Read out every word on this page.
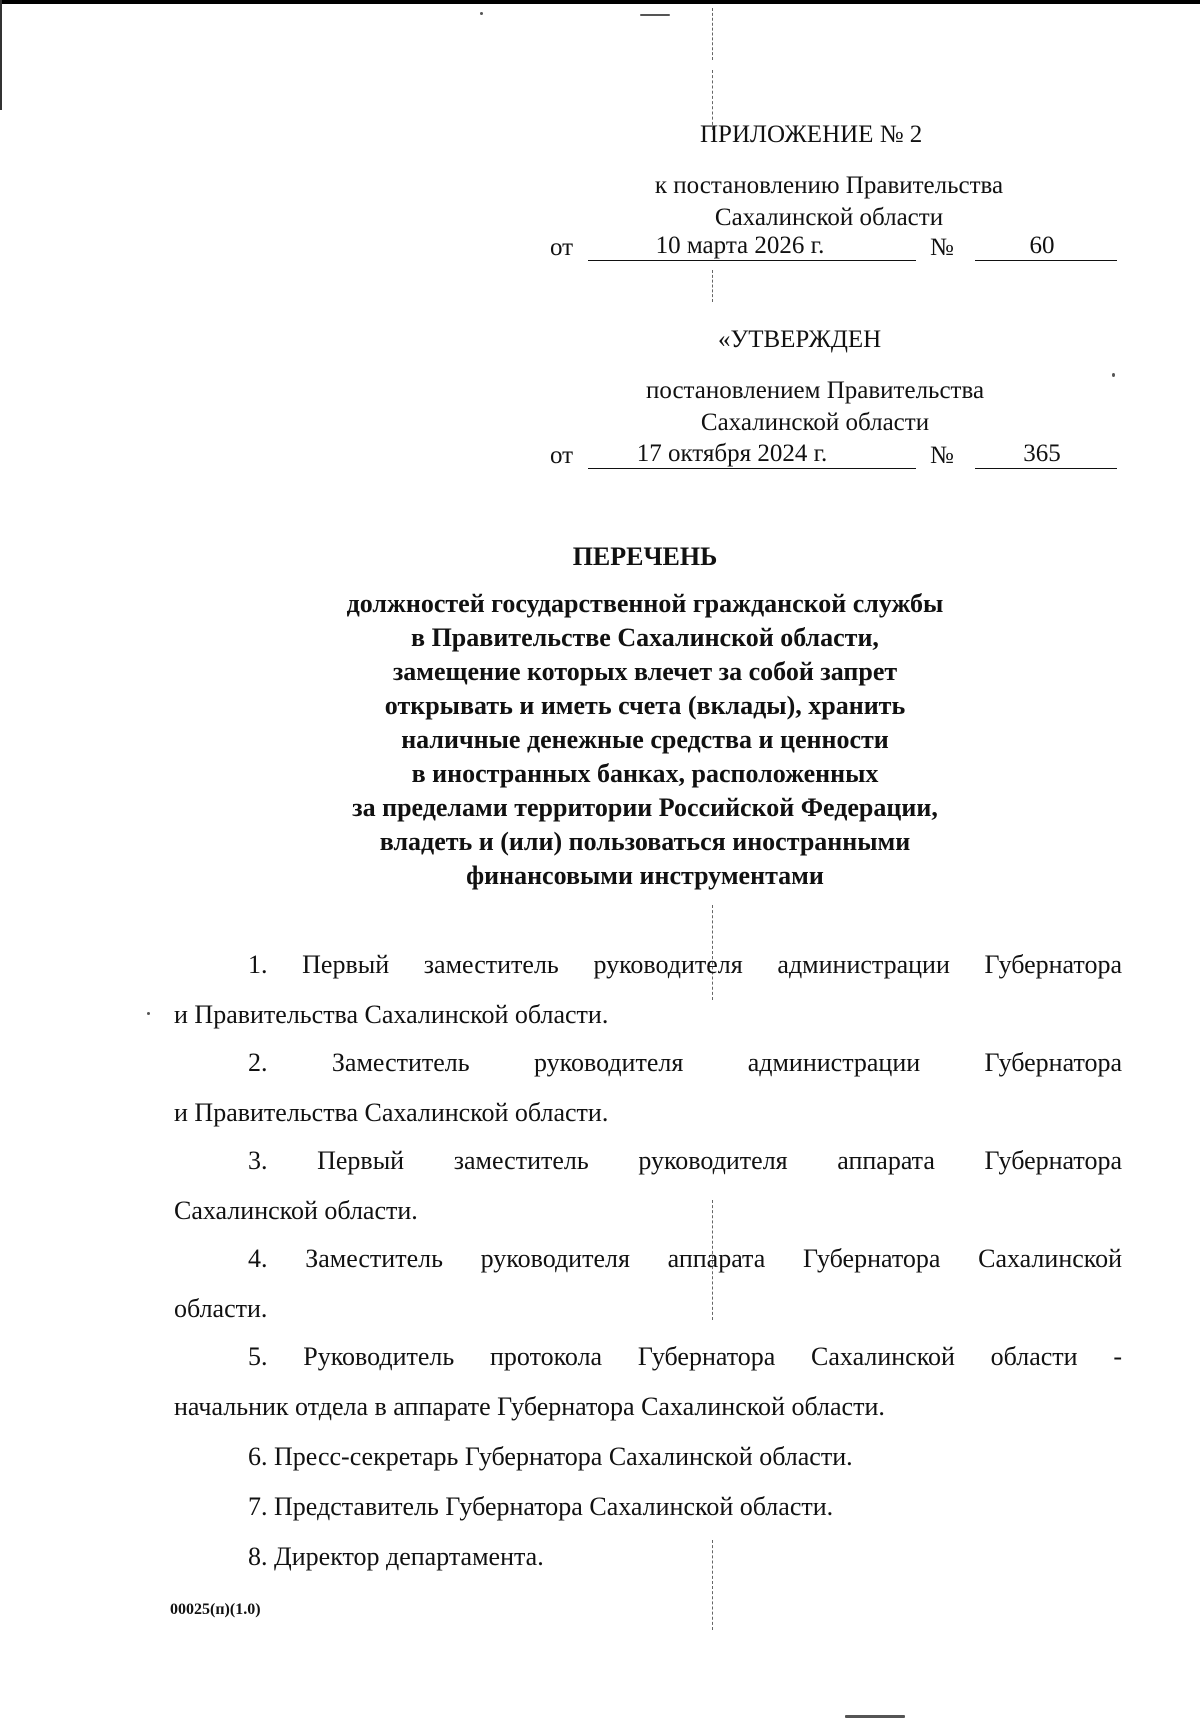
ПРИЛОЖЕНИЕ № 2
к постановлению Правительства
Сахалинской области
от	10 марта 2026 г.	№	60
«УТВЕРЖДЕН
постановлением Правительства
Сахалинской области
от	17 октября 2024 г.	№	365
ПЕРЕЧЕНЬ
должностей государственной гражданской службы
в Правительстве Сахалинской области,
замещение которых влечет за собой запрет
открывать и иметь счета (вклады), хранить
наличные денежные средства и ценности
в иностранных банках, расположенных
за пределами территории Российской Федерации,
владеть и (или) пользоваться иностранными
финансовыми инструментами

1. Первый заместитель руководителя администрации Губернатора

и Правительства Сахалинской области.

2. Заместитель руководителя администрации Губернатора

и Правительства Сахалинской области.

3. Первый заместитель руководителя аппарата Губернатора

Сахалинской области.

4. Заместитель руководителя аппарата Губернатора Сахалинской

области.

5. Руководитель протокола Губернатора Сахалинской области -

начальник отдела в аппарате Губернатора Сахалинской области.

6. Пресс-секретарь Губернатора Сахалинской области.

7. Представитель Губернатора Сахалинской области.

8. Директор департамента.

00025(п)(1.0)
